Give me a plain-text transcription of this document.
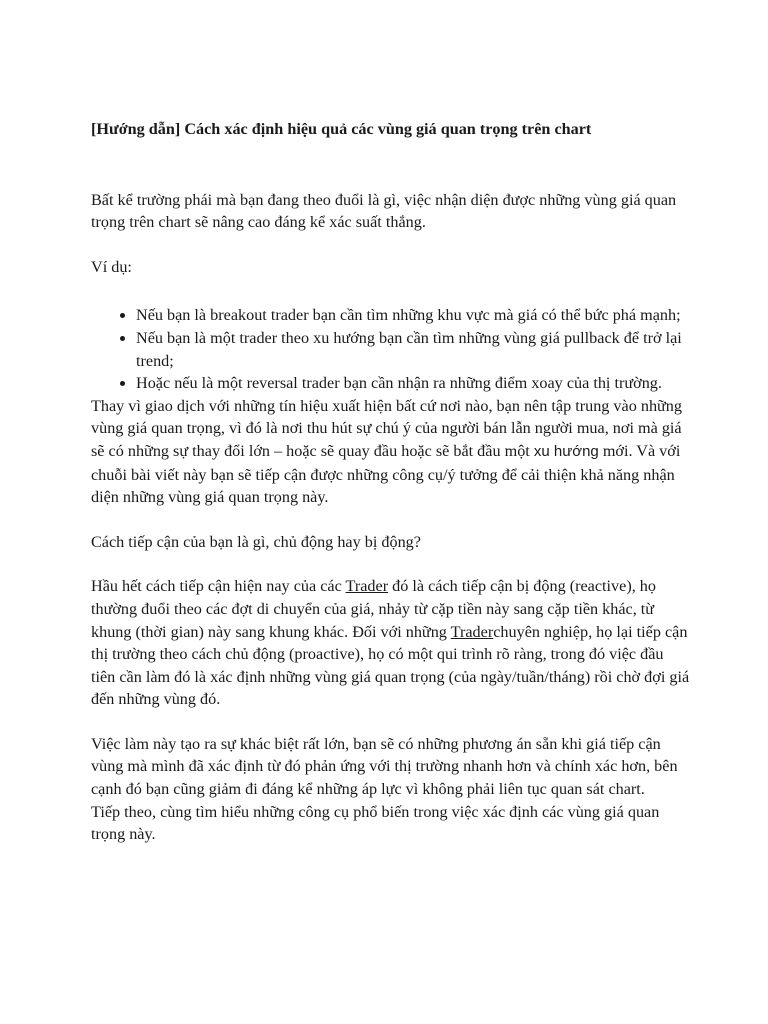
[Hướng dẫn] Cách xác định hiệu quả các vùng giá quan trọng trên chart

Bất kể trường phái mà bạn đang theo đuổi là gì, việc nhận diện được những vùng giá quan trọng trên chart sẽ nâng cao đáng kể xác suất thắng.

Ví dụ:

• Nếu bạn là breakout trader bạn cần tìm những khu vực mà giá có thể bức phá mạnh;
• Nếu bạn là một trader theo xu hướng bạn cần tìm những vùng giá pullback để trở lại trend;
• Hoặc nếu là một reversal trader bạn cần nhận ra những điểm xoay của thị trường.

Thay vì giao dịch với những tín hiệu xuất hiện bất cứ nơi nào, bạn nên tập trung vào những vùng giá quan trọng, vì đó là nơi thu hút sự chú ý của người bán lẫn người mua, nơi mà giá sẽ có những sự thay đổi lớn – hoặc sẽ quay đầu hoặc sẽ bắt đầu một xu hướng mới. Và với chuỗi bài viết này bạn sẽ tiếp cận được những công cụ/ý tưởng để cải thiện khả năng nhận diện những vùng giá quan trọng này.

Cách tiếp cận của bạn là gì, chủ động hay bị động?

Hầu hết cách tiếp cận hiện nay của các Trader đó là cách tiếp cận bị động (reactive), họ thường đuổi theo các đợt di chuyển của giá, nhảy từ cặp tiền này sang cặp tiền khác, từ khung (thời gian) này sang khung khác. Đối với những Traderchuyên nghiệp, họ lại tiếp cận thị trường theo cách chủ động (proactive), họ có một qui trình rõ ràng, trong đó việc đầu tiên cần làm đó là xác định những vùng giá quan trọng (của ngày/tuần/tháng) rồi chờ đợi giá đến những vùng đó.

Việc làm này tạo ra sự khác biệt rất lớn, bạn sẽ có những phương án sẵn khi giá tiếp cận vùng mà mình đã xác định từ đó phản ứng với thị trường nhanh hơn và chính xác hơn, bên cạnh đó bạn cũng giảm đi đáng kể những áp lực vì không phải liên tục quan sát chart.

Tiếp theo, cùng tìm hiểu những công cụ phổ biến trong việc xác định các vùng giá quan trọng này.
